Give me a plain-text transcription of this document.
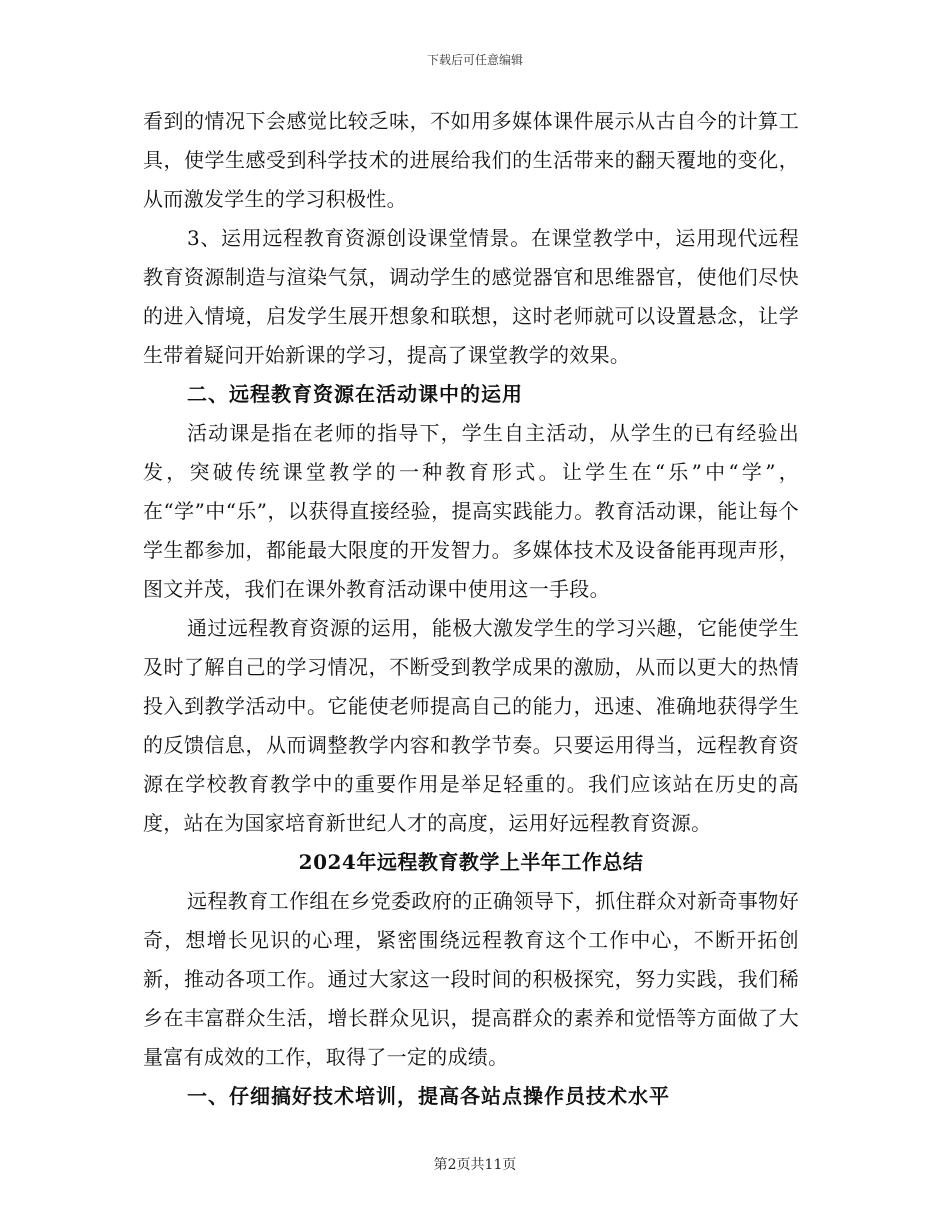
下载后可任意编辑

看到的情况下会感觉比较乏味，不如用多媒体课件展示从古自今的计算工具，使学生感受到科学技术的进展给我们的生活带来的翻天覆地的变化，从而激发学生的学习积极性。

3、运用远程教育资源创设课堂情景。在课堂教学中，运用现代远程教育资源制造与渲染气氛，调动学生的感觉器官和思维器官，使他们尽快的进入情境，启发学生展开想象和联想，这时老师就可以设置悬念，让学生带着疑问开始新课的学习，提高了课堂教学的效果。

二、远程教育资源在活动课中的运用

活动课是指在老师的指导下，学生自主活动，从学生的已有经验出发，突破传统课堂教学的一种教育形式。让学生在“乐”中“学”，在“学”中“乐”，以获得直接经验，提高实践能力。教育活动课，能让每个学生都参加，都能最大限度的开发智力。多媒体技术及设备能再现声形，图文并茂，我们在课外教育活动课中使用这一手段。

通过远程教育资源的运用，能极大激发学生的学习兴趣，它能使学生及时了解自己的学习情况，不断受到教学成果的激励，从而以更大的热情投入到教学活动中。它能使老师提高自己的能力，迅速、准确地获得学生的反馈信息，从而调整教学内容和教学节奏。只要运用得当，远程教育资源在学校教育教学中的重要作用是举足轻重的。我们应该站在历史的高度，站在为国家培育新世纪人才的高度，运用好远程教育资源。

2024年远程教育教学上半年工作总结

远程教育工作组在乡党委政府的正确领导下，抓住群众对新奇事物好奇，想增长见识的心理，紧密围绕远程教育这个工作中心，不断开拓创新，推动各项工作。通过大家这一段时间的积极探究，努力实践，我们稀乡在丰富群众生活，增长群众见识，提高群众的素养和觉悟等方面做了大量富有成效的工作，取得了一定的成绩。

一、仔细搞好技术培训，提高各站点操作员技术水平

第2页共11页
